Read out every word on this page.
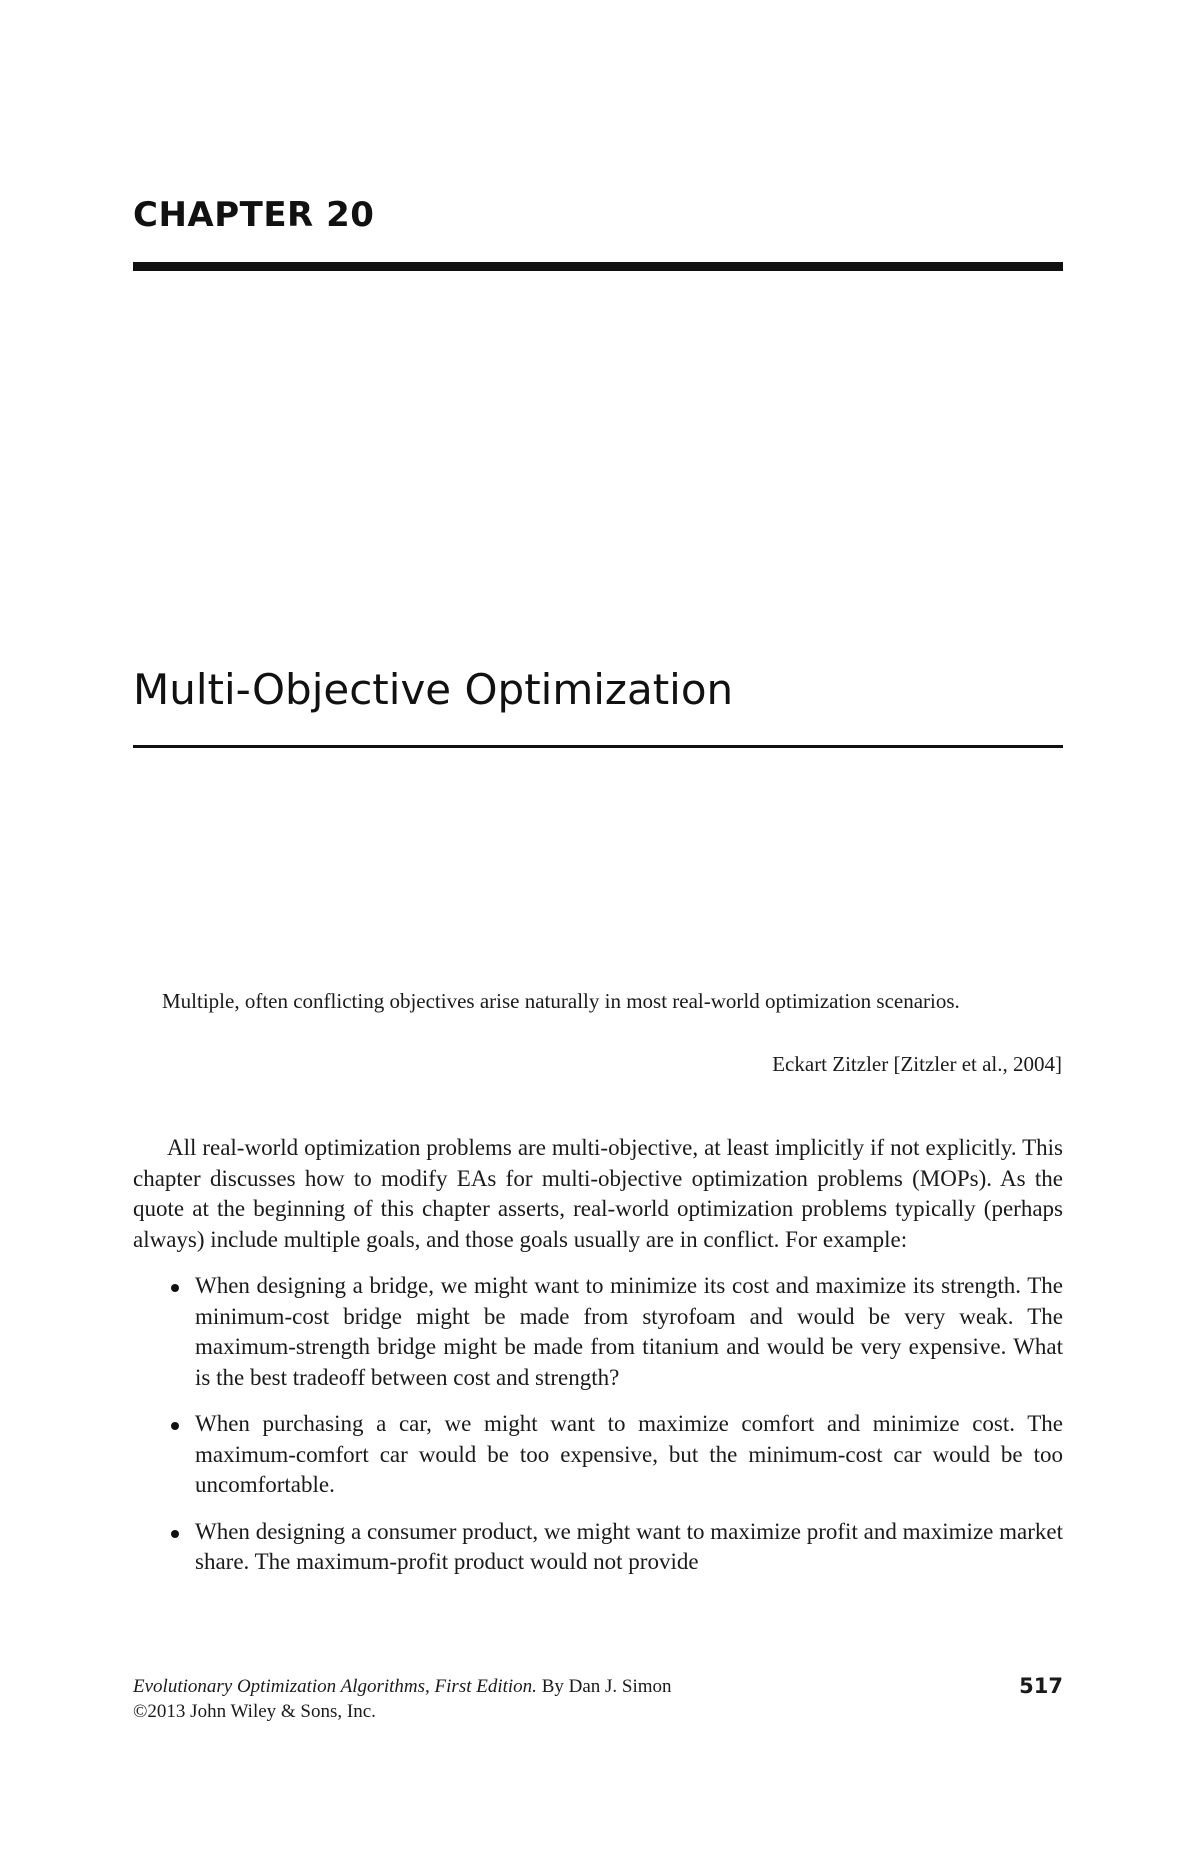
CHAPTER 20
Multi-Objective Optimization
Multiple, often conflicting objectives arise naturally in most real-world optimization scenarios.
Eckart Zitzler [Zitzler et al., 2004]

All real-world optimization problems are multi-objective, at least implicitly if not explicitly. This chapter discusses how to modify EAs for multi-objective optimization problems (MOPs). As the quote at the beginning of this chapter asserts, real-world optimization problems typically (perhaps always) include multiple goals, and those goals usually are in conflict. For example:

When designing a bridge, we might want to minimize its cost and maximize its strength. The minimum-cost bridge might be made from styrofoam and would be very weak. The maximum-strength bridge might be made from titanium and would be very expensive. What is the best tradeoff between cost and strength?
When purchasing a car, we might want to maximize comfort and minimize cost. The maximum-comfort car would be too expensive, but the minimum-cost car would be too uncomfortable.
When designing a consumer product, we might want to maximize profit and maximize market share. The maximum-profit product would not provide
Evolutionary Optimization Algorithms, First Edition. By Dan J. Simon
©2013 John Wiley & Sons, Inc.
517
